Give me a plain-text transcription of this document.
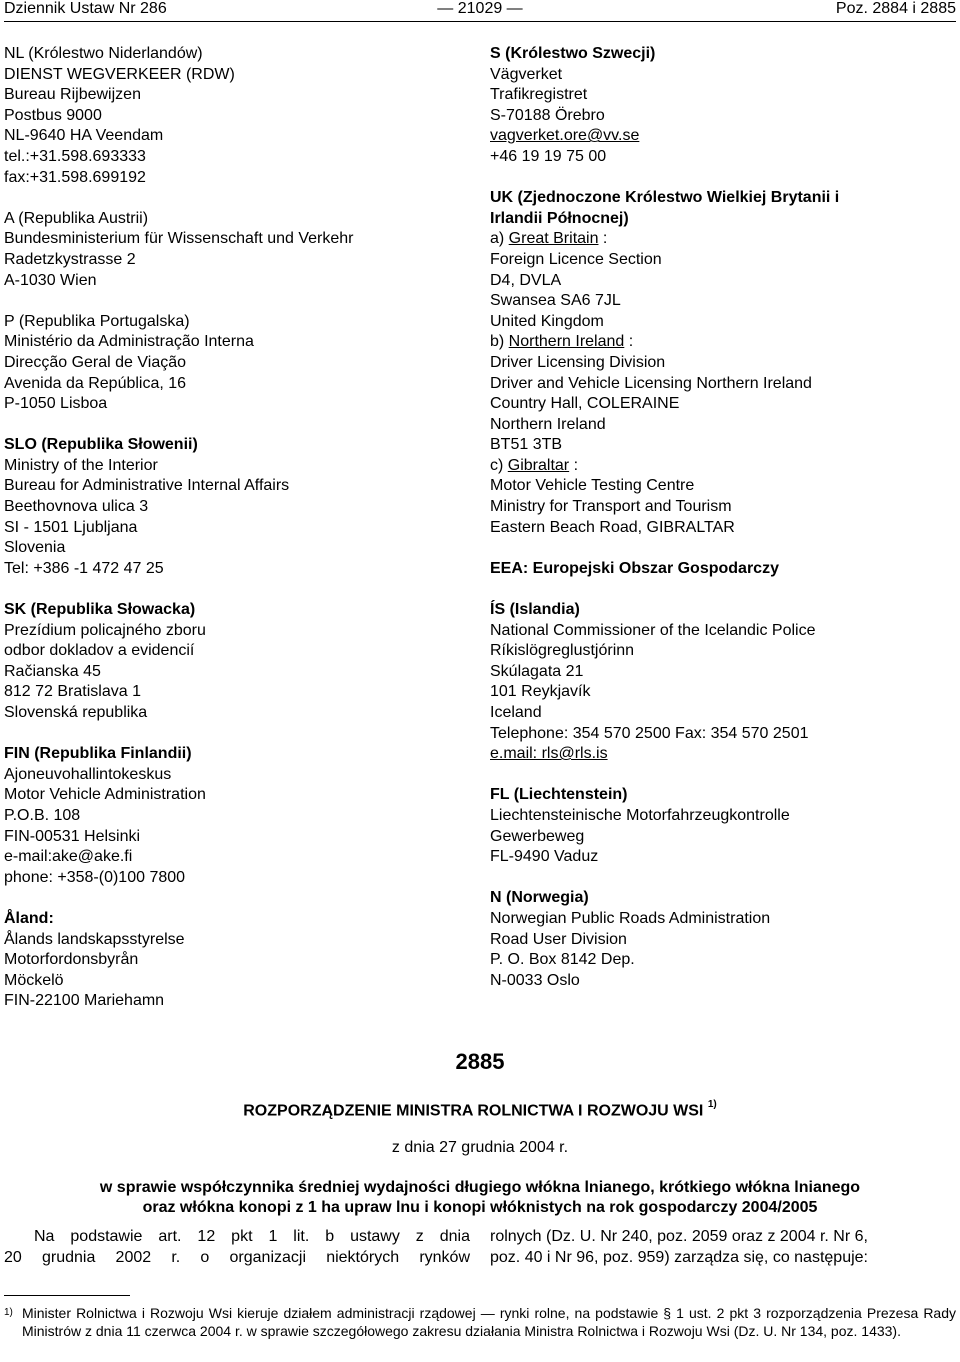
— 21029 —
Dziennik Ustaw Nr 286	Poz. 2884 i 2885
NL (Królestwo Niderlandów)
DIENST WEGVERKEER (RDW)
Bureau Rijbewijzen
Postbus 9000
NL-9640 HA Veendam
tel.:+31.598.693333
fax:+31.598.699192
A (Republika Austrii)
Bundesministerium für Wissenschaft und Verkehr
Radetzkystrasse 2
A-1030 Wien
P (Republika Portugalska)
Ministério da Administração Interna
Direcção Geral de Viação
Avenida da República, 16
P-1050 Lisboa
SLO (Republika Słowenii)
Ministry of the Interior
Bureau for Administrative Internal Affairs
Beethovnova ulica 3
SI - 1501 Ljubljana
Slovenia
Tel: +386 -1 472 47 25
SK (Republika Słowacka)
Prezídium policajného zboru
odbor dokladov a evidencií
Račianska 45
812 72 Bratislava 1
Slovenská republika
FIN (Republika Finlandii)
Ajoneuvohallintokeskus
Motor Vehicle Administration
P.O.B. 108
FIN-00531 Helsinki
e-mail:ake@ake.fi
phone: +358-(0)100 7800
Åland:
Ålands landskapsstyrelse
Motorfordonsbyrån
Möckelö
FIN-22100 Mariehamn
S (Królestwo Szwecji)
Vägverket
Trafikregistret
S-70188 Örebro
vagverket.ore@vv.se
+46 19 19 75 00
UK (Zjednoczone Królestwo Wielkiej Brytanii i
Irlandii Północnej)
a) Great Britain :
Foreign Licence Section
D4, DVLA
Swansea SA6 7JL
United Kingdom
b) Northern Ireland :
Driver Licensing Division
Driver and Vehicle Licensing Northern Ireland
Country Hall, COLERAINE
Northern Ireland
BT51 3TB
c) Gibraltar :
Motor Vehicle Testing Centre
Ministry for Transport and Tourism
Eastern Beach Road, GIBRALTAR
EEA: Europejski Obszar Gospodarczy
ÍS (Islandia)
National Commissioner of the Icelandic Police
Ríkislögreglustjórinn
Skúlagata 21
101 Reykjavík
Iceland
Telephone: 354 570 2500 Fax: 354 570 2501
e.mail: rls@rls.is
FL (Liechtenstein)
Liechtensteinische Motorfahrzeugkontrolle
Gewerbeweg
FL-9490 Vaduz
N (Norwegia)
Norwegian Public Roads Administration
Road User Division
P. O. Box 8142 Dep.
N-0033 Oslo
2885
ROZPORZĄDZENIE MINISTRA ROLNICTWA I ROZWOJU WSI $^{1)}$
z dnia 27 grudnia 2004 r.
w sprawie współczynnika średniej wydajności długiego włókna lnianego, krótkiego włókna lnianego
oraz włókna konopi z 1 ha upraw lnu i konopi włóknistych na rok gospodarczy 2004/2005
Na podstawie art. 12 pkt 1 lit. b ustawy z dnia
20 grudnia 2002 r. o organizacji niektórych rynków
rolnych (Dz. U. Nr 240, poz. 2059 oraz z 2004 r. Nr 6,
poz. 40 i Nr 96, poz. 959) zarządza się, co następuje:
1) Minister Rolnictwa i Rozwoju Wsi kieruje działem administracji rządowej — rynki rolne, na podstawie § 1 ust. 2 pkt 3 rozporządzenia Prezesa Rady Ministrów z dnia 11 czerwca 2004 r. w sprawie szczegółowego zakresu działania Ministra Rolnictwa i Rozwoju Wsi (Dz. U. Nr 134, poz. 1433).
